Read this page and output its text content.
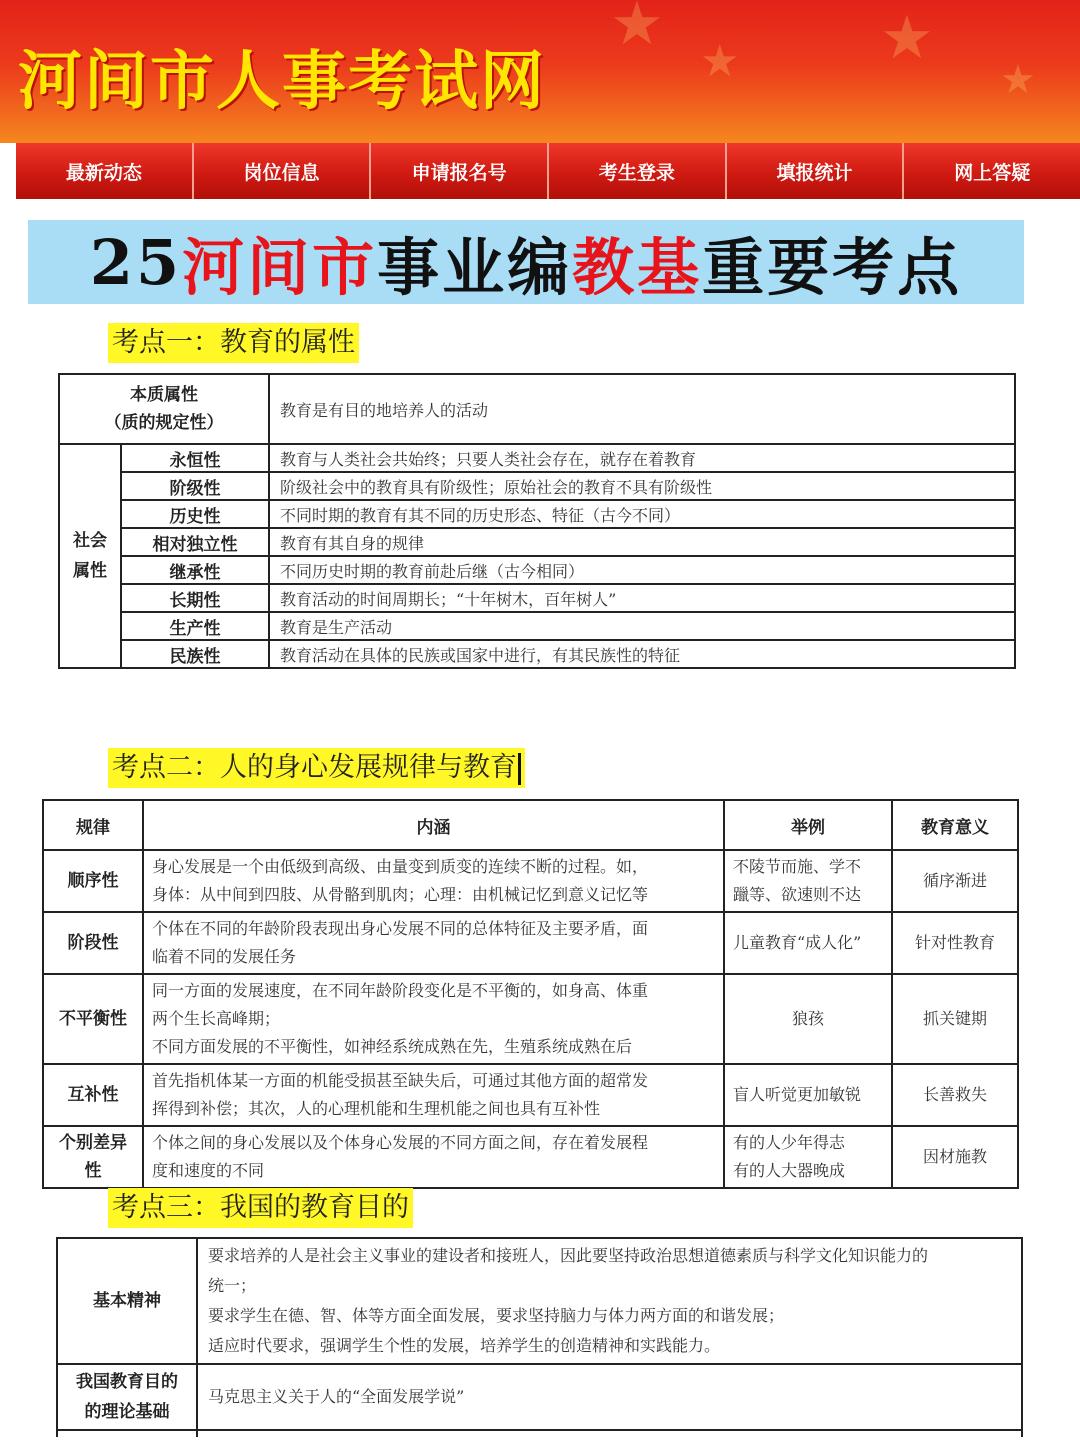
★
★ ★
★
河间市人事考试网
最新动态	岗位信息	申请报名号	考生登录	填报统计	网上答疑
25 河间市 事业编 教基 重要考点
考点一：教育的属性
本质属性
（质的规定性）		教育是有目的地培养人的活动
社会
属性	永恒性	教育与人类社会共始终；只要人类社会存在，就存在着教育
	阶级性	阶级社会中的教育具有阶级性；原始社会的教育不具有阶级性
	历史性	不同时期的教育有其不同的历史形态、特征（古今不同）
	相对独立性	教育有其自身的规律
	继承性	不同历史时期的教育前赴后继（古今相同）
	长期性	教育活动的时间周期长；“十年树木，百年树人”
	生产性	教育是生产活动
	民族性	教育活动在具体的民族或国家中进行，有其民族性的特征
考点二：人的身心发展规律与教育
规律	内涵	举例	教育意义
顺序性	身心发展是一个由低级到高级、由量变到质变的连续不断的过程。如，
身体：从中间到四肢、从骨骼到肌肉；心理：由机械记忆到意义记忆等	不陵节而施、学不
躐等、欲速则不达	循序渐进
阶段性	个体在不同的年龄阶段表现出身心发展不同的总体特征及主要矛盾，面
临着不同的发展任务	儿童教育“成人化”	针对性教育
不平衡性	同一方面的发展速度，在不同年龄阶段变化是不平衡的，如身高、体重
两个生长高峰期；
不同方面发展的不平衡性，如神经系统成熟在先，生殖系统成熟在后	狼孩	抓关键期
互补性	首先指机体某一方面的机能受损甚至缺失后，可通过其他方面的超常发
挥得到补偿；其次，人的心理机能和生理机能之间也具有互补性	盲人听觉更加敏锐	长善救失
个别差异
性	个体之间的身心发展以及个体身心发展的不同方面之间，存在着发展程
度和速度的不同	有的人少年得志
有的人大器晚成	因材施教
考点三：我国的教育目的
基本精神	要求培养的人是社会主义事业的建设者和接班人，因此要坚持政治思想道德素质与科学文化知识能力的
统一；
要求学生在德、智、体等方面全面发展，要求坚持脑力与体力两方面的和谐发展；
适应时代要求，强调学生个性的发展，培养学生的创造精神和实践能力。
我国教育目的
的理论基础	马克思主义关于人的“全面发展学说”
